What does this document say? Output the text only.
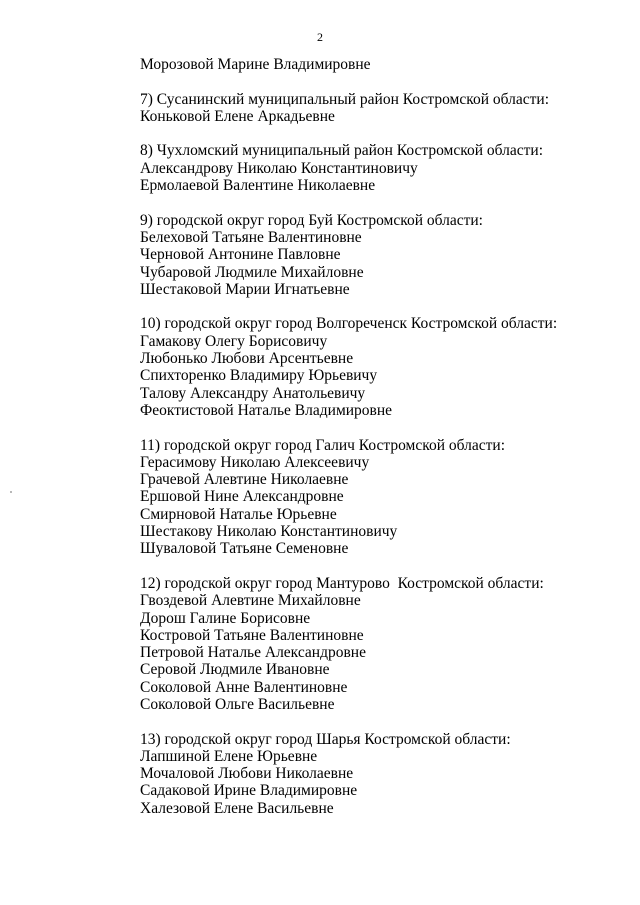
2
Морозовой Марине Владимировне
7) Сусанинский муниципальный район Костромской области:
Коньковой Елене Аркадьевне
8) Чухломский муниципальный район Костромской области:
Александрову Николаю Константиновичу
Ермолаевой Валентине Николаевне
9) городской округ город Буй Костромской области:
Белеховой Татьяне Валентиновне
Черновой Антонине Павловне
Чубаровой Людмиле Михайловне
Шестаковой Марии Игнатьевне
10) городской округ город Волгореченск Костромской области:
Гамакову Олегу Борисовичу
Любонько Любови Арсентьевне
Спихторенко Владимиру Юрьевичу
Талову Александру Анатольевичу
Феоктистовой Наталье Владимировне
11) городской округ город Галич Костромской области:
Герасимову Николаю Алексеевичу
Грачевой Алевтине Николаевне
Ершовой Нине Александровне
Смирновой Наталье Юрьевне
Шестакову Николаю Константиновичу
Шуваловой Татьяне Семеновне
12) городской округ город Мантурово  Костромской области:
Гвоздевой Алевтине Михайловне
Дорош Галине Борисовне
Костровой Татьяне Валентиновне
Петровой Наталье Александровне
Серовой Людмиле Ивановне
Соколовой Анне Валентиновне
Соколовой Ольге Васильевне
13) городской округ город Шарья Костромской области:
Лапшиной Елене Юрьевне
Мочаловой Любови Николаевне
Садаковой Ирине Владимировне
Халезовой Елене Васильевне
